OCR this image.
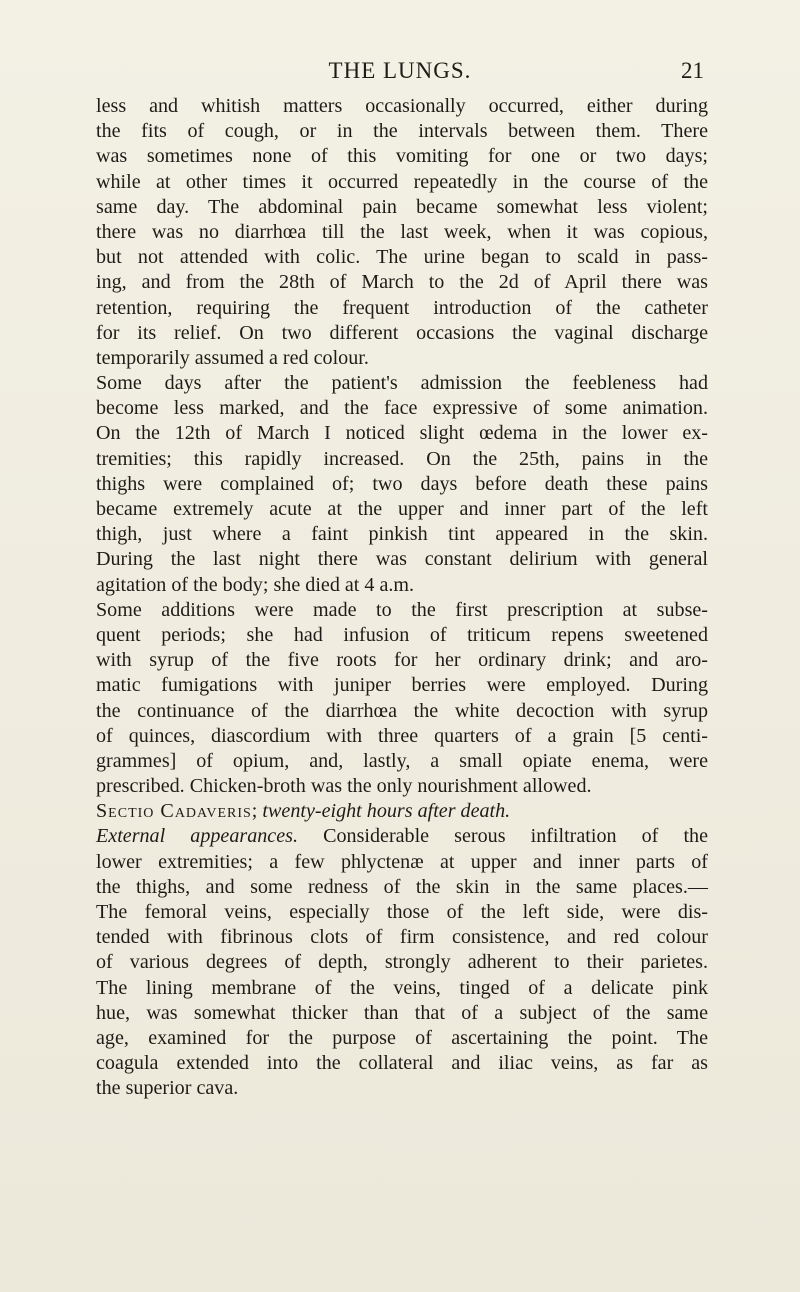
THE LUNGS.	21
less and whitish matters occasionally occurred, either during
the fits of cough, or in the intervals between them. There
was sometimes none of this vomiting for one or two days;
while at other times it occurred repeatedly in the course of the
same day. The abdominal pain became somewhat less violent;
there was no diarrhœa till the last week, when it was copious,
but not attended with colic. The urine began to scald in pass-
ing, and from the 28th of March to the 2d of April there was
retention, requiring the frequent introduction of the catheter
for its relief. On two different occasions the vaginal discharge
temporarily assumed a red colour.
Some days after the patient's admission the feebleness had
become less marked, and the face expressive of some animation.
On the 12th of March I noticed slight œdema in the lower ex-
tremities; this rapidly increased. On the 25th, pains in the
thighs were complained of; two days before death these pains
became extremely acute at the upper and inner part of the left
thigh, just where a faint pinkish tint appeared in the skin.
During the last night there was constant delirium with general
agitation of the body; she died at 4 a.m.
Some additions were made to the first prescription at subse-
quent periods; she had infusion of triticum repens sweetened
with syrup of the five roots for her ordinary drink; and aro-
matic fumigations with juniper berries were employed. During
the continuance of the diarrhœa the white decoction with syrup
of quinces, diascordium with three quarters of a grain [5 centi-
grammes] of opium, and, lastly, a small opiate enema, were
prescribed. Chicken-broth was the only nourishment allowed.
Sectio Cadaveris; twenty-eight hours after death.
External appearances. Considerable serous infiltration of the
lower extremities; a few phlyctenæ at upper and inner parts of
the thighs, and some redness of the skin in the same places.—
The femoral veins, especially those of the left side, were dis-
tended with fibrinous clots of firm consistence, and red colour
of various degrees of depth, strongly adherent to their parietes.
The lining membrane of the veins, tinged of a delicate pink
hue, was somewhat thicker than that of a subject of the same
age, examined for the purpose of ascertaining the point. The
coagula extended into the collateral and iliac veins, as far as
the superior cava.
